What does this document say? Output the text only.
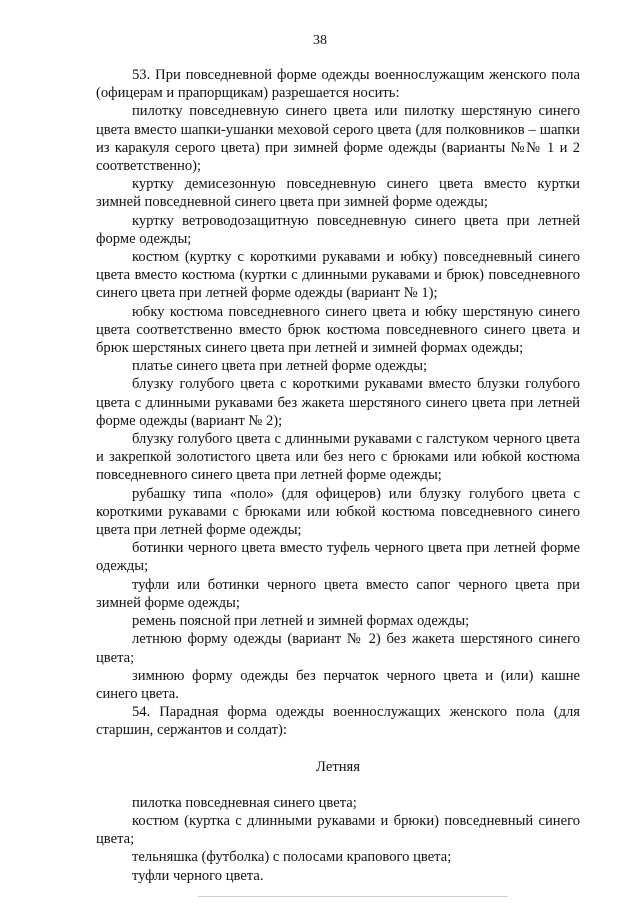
38

53. При повседневной форме одежды военнослужащим женского пола (офицерам и прапорщикам) разрешается носить:

пилотку повседневную синего цвета или пилотку шерстяную синего цвета вместо шапки-ушанки меховой серого цвета (для полковников – шапки из каракуля серого цвета) при зимней форме одежды (варианты №№ 1 и 2 соответственно);

куртку демисезонную повседневную синего цвета вместо куртки зимней повседневной синего цвета при зимней форме одежды;

куртку ветроводозащитную повседневную синего цвета при летней форме одежды;

костюм (куртку с короткими рукавами и юбку) повседневный синего цвета вместо костюма (куртки с длинными рукавами и брюк) повседневного синего цвета при летней форме одежды (вариант № 1);

юбку костюма повседневного синего цвета и юбку шерстяную синего цвета соответственно вместо брюк костюма повседневного синего цвета и брюк шерстяных синего цвета при летней и зимней формах одежды;

платье синего цвета при летней форме одежды;

блузку голубого цвета с короткими рукавами вместо блузки голубого цвета с длинными рукавами без жакета шерстяного синего цвета при летней форме одежды (вариант № 2);

блузку голубого цвета с длинными рукавами с галстуком черного цвета и закрепкой золотистого цвета или без него с брюками или юбкой костюма повседневного синего цвета при летней форме одежды;

рубашку типа «поло» (для офицеров) или блузку голубого цвета с короткими рукавами с брюками или юбкой костюма повседневного синего цвета при летней форме одежды;

ботинки черного цвета вместо туфель черного цвета при летней форме одежды;

туфли или ботинки черного цвета вместо сапог черного цвета при зимней форме одежды;

ремень поясной при летней и зимней формах одежды;

летнюю форму одежды (вариант № 2) без жакета шерстяного синего цвета;

зимнюю форму одежды без перчаток черного цвета и (или) кашне синего цвета.

54. Парадная форма одежды военнослужащих женского пола (для старшин, сержантов и солдат):

Летняя

пилотка повседневная синего цвета;

костюм (куртка с длинными рукавами и брюки) повседневный синего цвета;

тельняшка (футболка) с полосами крапового цвета;

туфли черного цвета.
